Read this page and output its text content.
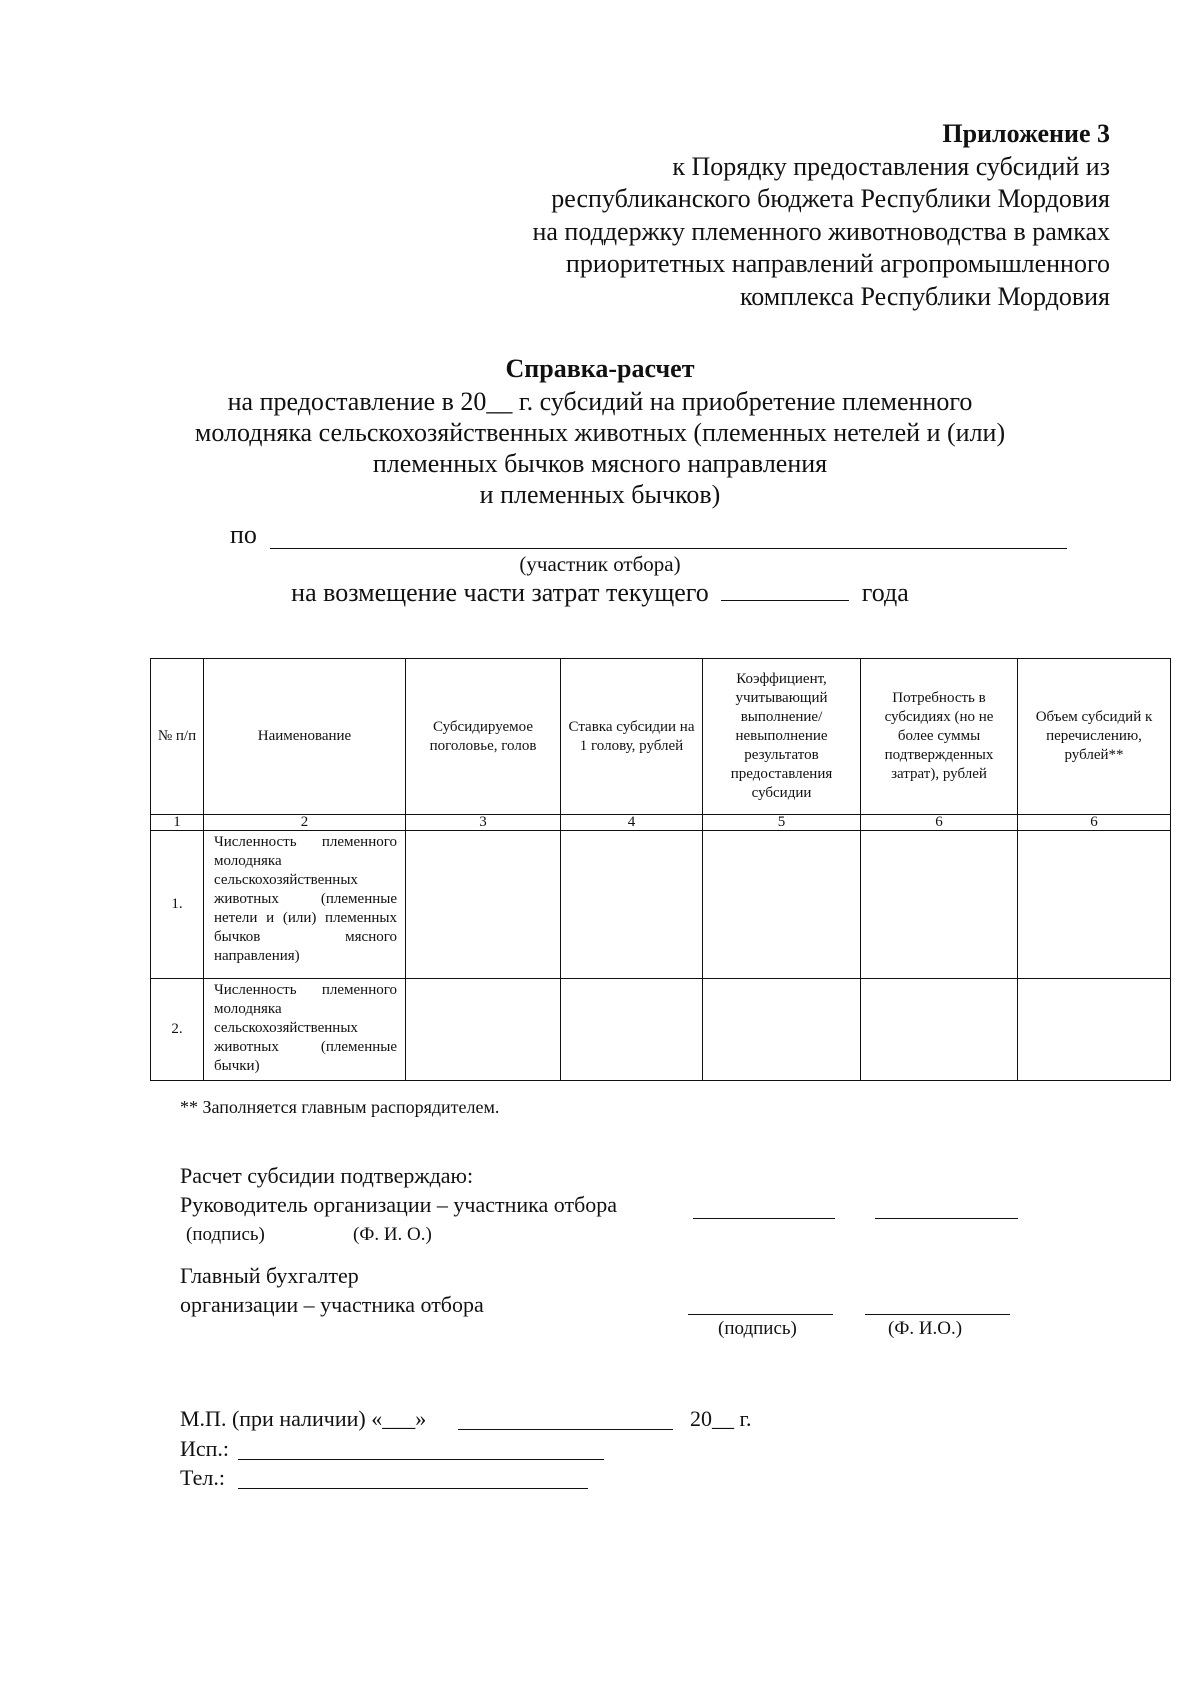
Приложение 3
к Порядку предоставления субсидий из
республиканского бюджета Республики Мордовия
на поддержку племенного животноводства в рамках
приоритетных направлений агропромышленного
комплекса Республики Мордовия
Справка-расчет
на предоставление в 20__ г. субсидий на приобретение племенного
молодняка сельскохозяйственных животных (племенных нетелей и (или)
племенных бычков мясного направления
и племенных бычков)
по
(участник отбора)
на возмещение части затрат текущего	года
№ п/п	Наименование	Субсидируемое поголовье, голов	Ставка субсидии на 1 голову, рублей	Коэффициент, учитывающий выполнение/ невыполнение результатов предоставления субсидии	Потребность в субсидиях (но не более суммы подтвержденных затрат), рублей	Объем субсидий к перечислению, рублей**
1	2	3	4	5	6	6
1.	Численность племенного молодняка сельскохозяйственных животных (племенные нетели и (или) племенных бычков мясного направления)					
2.	Численность племенного молодняка сельскохозяйственных животных (племенные бычки)					
** Заполняется главным распорядителем.
Расчет субсидии подтверждаю:
Руководитель организации – участника отбора
(подпись)	(Ф. И. О.)
Главный бухгалтер
организации – участника отбора
(подпись)	(Ф. И.О.)
М.П. (при наличии) «___»	20__ г.
Исп.:
Тел.:
